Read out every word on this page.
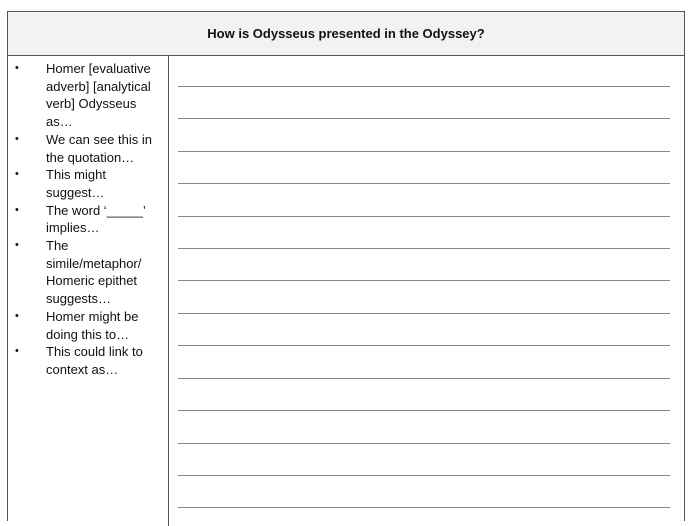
How is Odysseus presented in the Odyssey?
• Homer [evaluative adverb] [analytical verb] Odysseus as…
• We can see this in the quotation…
• This might suggest…
• The word ‘_____’ implies…
• The simile/metaphor/ Homeric epithet suggests…
• Homer might be doing this to…
• This could link to context as…
